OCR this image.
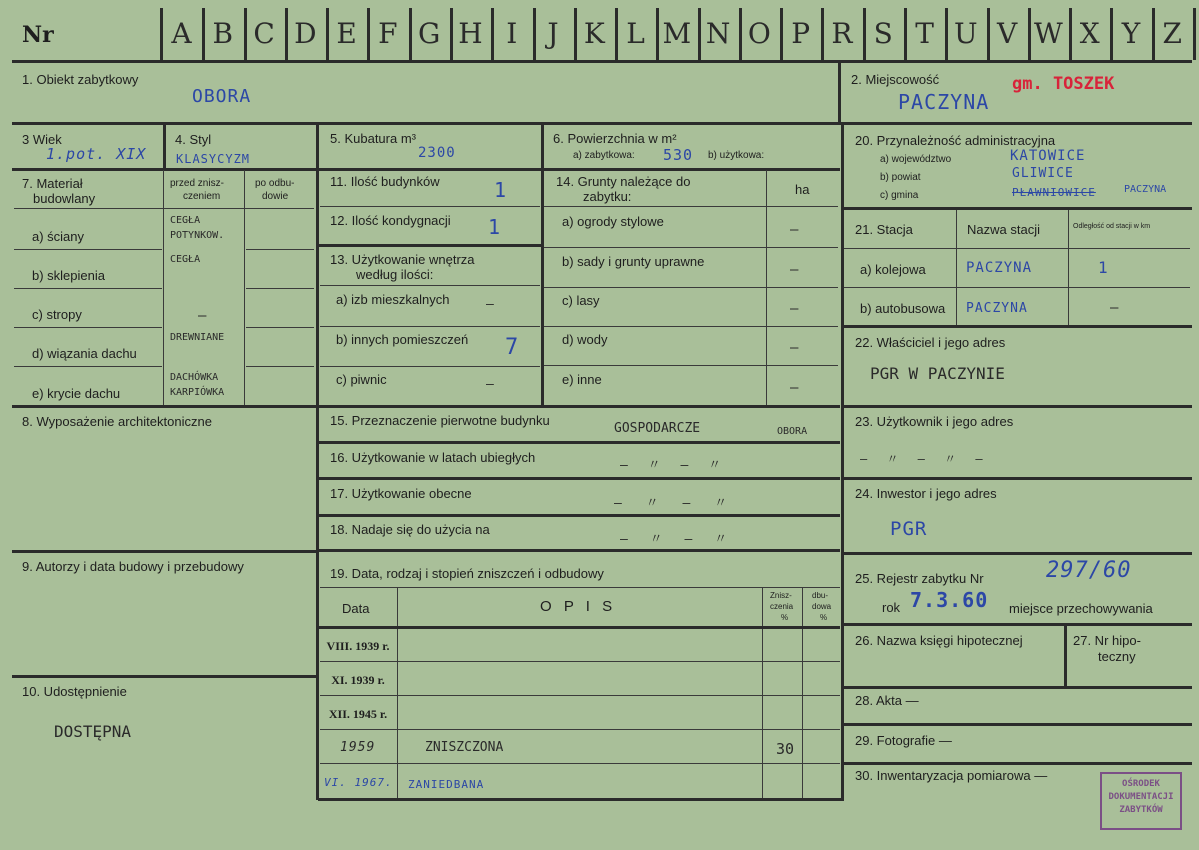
Nr	A B C D E F G H I	J K L M N O P R S T U V W X Y Z
1. Obiekt zabytkowy
OBORA
2. Miejscowość	gm. TOSZEK
PACZYNA
3 Wiek
1.pot. XIX
4. Styl
KLASYCYZM
7. Materiał
budowlany
przed znisz-
czeniem
po odbu-
dowie
a) ściany
CEGŁA
POTYNKOW.
b) sklepienia
CEGŁA
c) stropy	—
d) wiązania dachu
DREWNIANE
e) krycie dachu
DACHÓWKA
KARPIÓWKA
8. Wyposażenie architektoniczne
9. Autorzy i data budowy i przebudowy
10. Udostępnienie
DOSTĘPNA
5. Kubatura m³
2300
6. Powierzchnia w m²
a) zabytkowa: 530 b) użytkowa:
11. Ilość budynków	1
12. Ilość kondygnacji 1
13. Użytkowanie wnętrza
według ilości:
a) izb mieszkalnych	—
b) innych pomieszczeń 7
c) piwnic	—
14. Grunty należące do
zabytku:	ha
a) ogrody stylowe
—
b) sady i grunty uprawne
—
c) lasy
—
d) wody
—
e) inne
—
15. Przeznaczenie pierwotne budynku
GOSPODARCZE	OBORA
16. Użytkowanie w latach ubiegłych
— 〃 — 〃
17. Użytkowanie obecne
— 〃 — 〃
18. Nadaje się do użycia na
— 〃 — 〃
19. Data, rodzaj i stopień zniszczeń i odbudowy
Data	O P I S
Znisz-
czenia
%
dbu-
dowa
%
VIII. 1939 r.
XI. 1939 r.
XII. 1945 r.
1959	ZNISZCZONA	30
VI. 1967. ZANIEDBANA
20. Przynależność administracyjna
a) województwo	KATOWICE
b) powiat	GLIWICE
c) gmina	PŁAWNIOWICE	PACZYNA
21. Stacja	Nazwa stacji	Odległość od stacji w km
a) kolejowa	PACZYNA	1
b) autobusowa PACZYNA	—
22. Właściciel i jego adres
PGR W PACZYNIE
23. Użytkownik i jego adres
— 〃 — 〃 —
24. Inwestor i jego adres
PGR
25. Rejestr zabytku Nr	297/60
rok 7.3.60 miejsce przechowywania
26. Nazwa księgi hipotecznej	27. Nr hipo-
teczny
28. Akta —
29. Fotografie —
30. Inwentaryzacja pomiarowa —
OŚRODEK
DOKUMENTACJI
ZABYTKÓW
